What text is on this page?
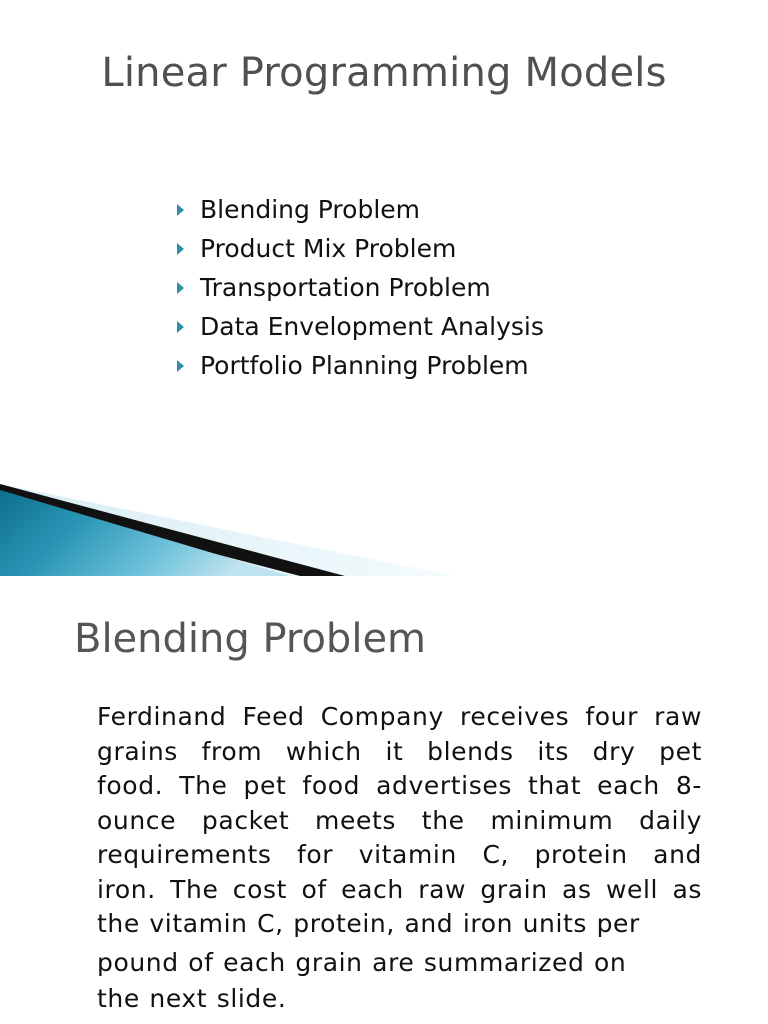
Linear Programming Models
Blending Problem
Product Mix Problem
Transportation Problem
Data Envelopment Analysis
Portfolio Planning Problem
Blending Problem
Ferdinand Feed Company receives four raw
grains from which it blends its dry pet
food. The pet food advertises that each 8-
ounce packet meets the minimum daily
requirements for vitamin C, protein and
iron. The cost of each raw grain as well as
the vitamin C, protein, and iron units per
pound of each grain are summarized on
the next slide.
